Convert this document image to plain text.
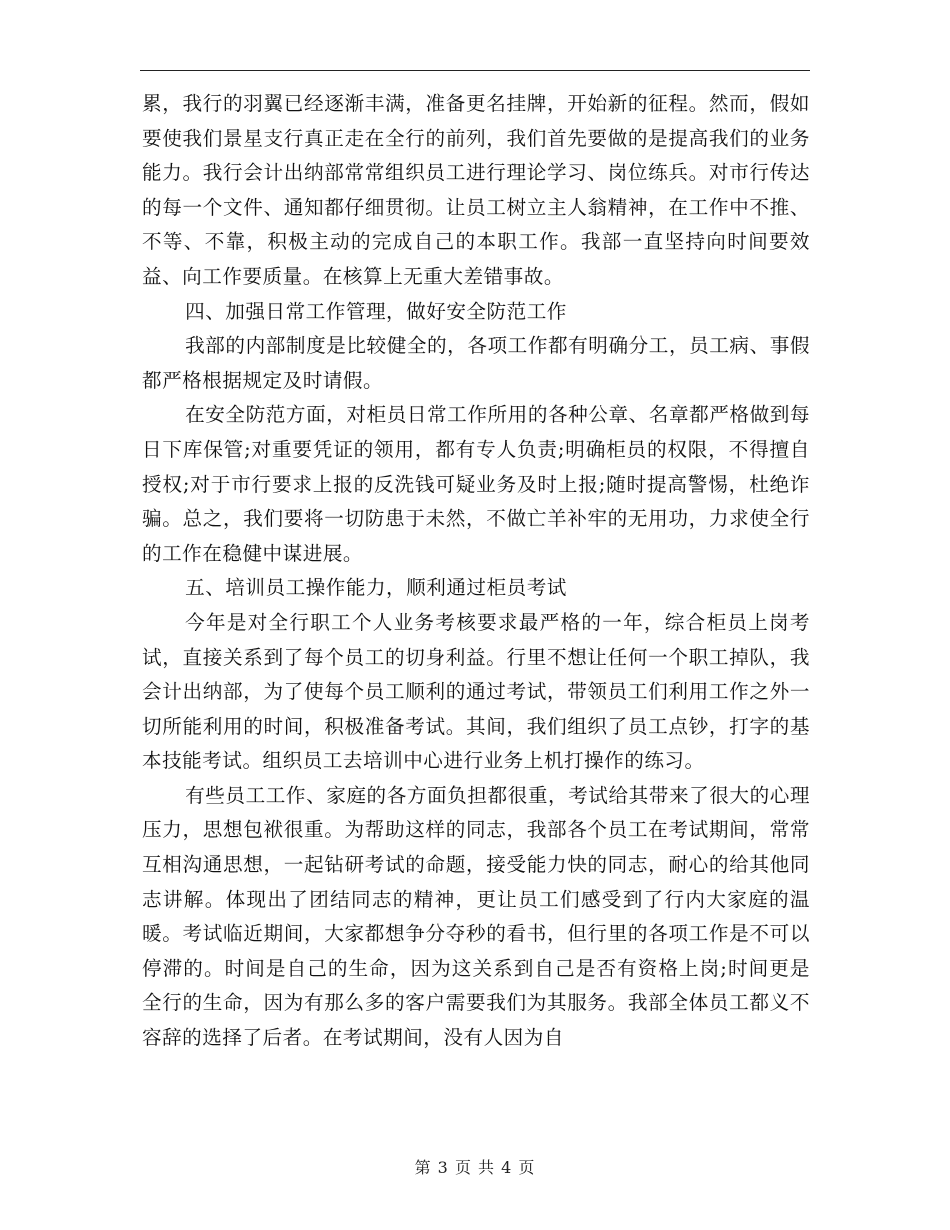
累，我行的羽翼已经逐渐丰满，准备更名挂牌，开始新的征程。然而，假如要使我们景星支行真正走在全行的前列，我们首先要做的是提高我们的业务能力。我行会计出纳部常常组织员工进行理论学习、岗位练兵。对市行传达的每一个文件、通知都仔细贯彻。让员工树立主人翁精神，在工作中不推、不等、不靠，积极主动的完成自己的本职工作。我部一直坚持向时间要效益、向工作要质量。在核算上无重大差错事故。

四、加强日常工作管理，做好安全防范工作

我部的内部制度是比较健全的，各项工作都有明确分工，员工病、事假都严格根据规定及时请假。

在安全防范方面，对柜员日常工作所用的各种公章、名章都严格做到每日下库保管;对重要凭证的领用，都有专人负责;明确柜员的权限，不得擅自授权;对于市行要求上报的反洗钱可疑业务及时上报;随时提高警惕，杜绝诈骗。总之，我们要将一切防患于未然，不做亡羊补牢的无用功，力求使全行的工作在稳健中谋进展。

五、培训员工操作能力，顺利通过柜员考试

今年是对全行职工个人业务考核要求最严格的一年，综合柜员上岗考试，直接关系到了每个员工的切身利益。行里不想让任何一个职工掉队，我会计出纳部，为了使每个员工顺利的通过考试，带领员工们利用工作之外一切所能利用的时间，积极准备考试。其间，我们组织了员工点钞，打字的基本技能考试。组织员工去培训中心进行业务上机打操作的练习。

有些员工工作、家庭的各方面负担都很重，考试给其带来了很大的心理压力，思想包袱很重。为帮助这样的同志，我部各个员工在考试期间，常常互相沟通思想，一起钻研考试的命题，接受能力快的同志，耐心的给其他同志讲解。体现出了团结同志的精神，更让员工们感受到了行内大家庭的温暖。考试临近期间，大家都想争分夺秒的看书，但行里的各项工作是不可以停滞的。时间是自己的生命，因为这关系到自己是否有资格上岗;时间更是全行的生命，因为有那么多的客户需要我们为其服务。我部全体员工都义不容辞的选择了后者。在考试期间，没有人因为自

第 3 页 共 4 页
